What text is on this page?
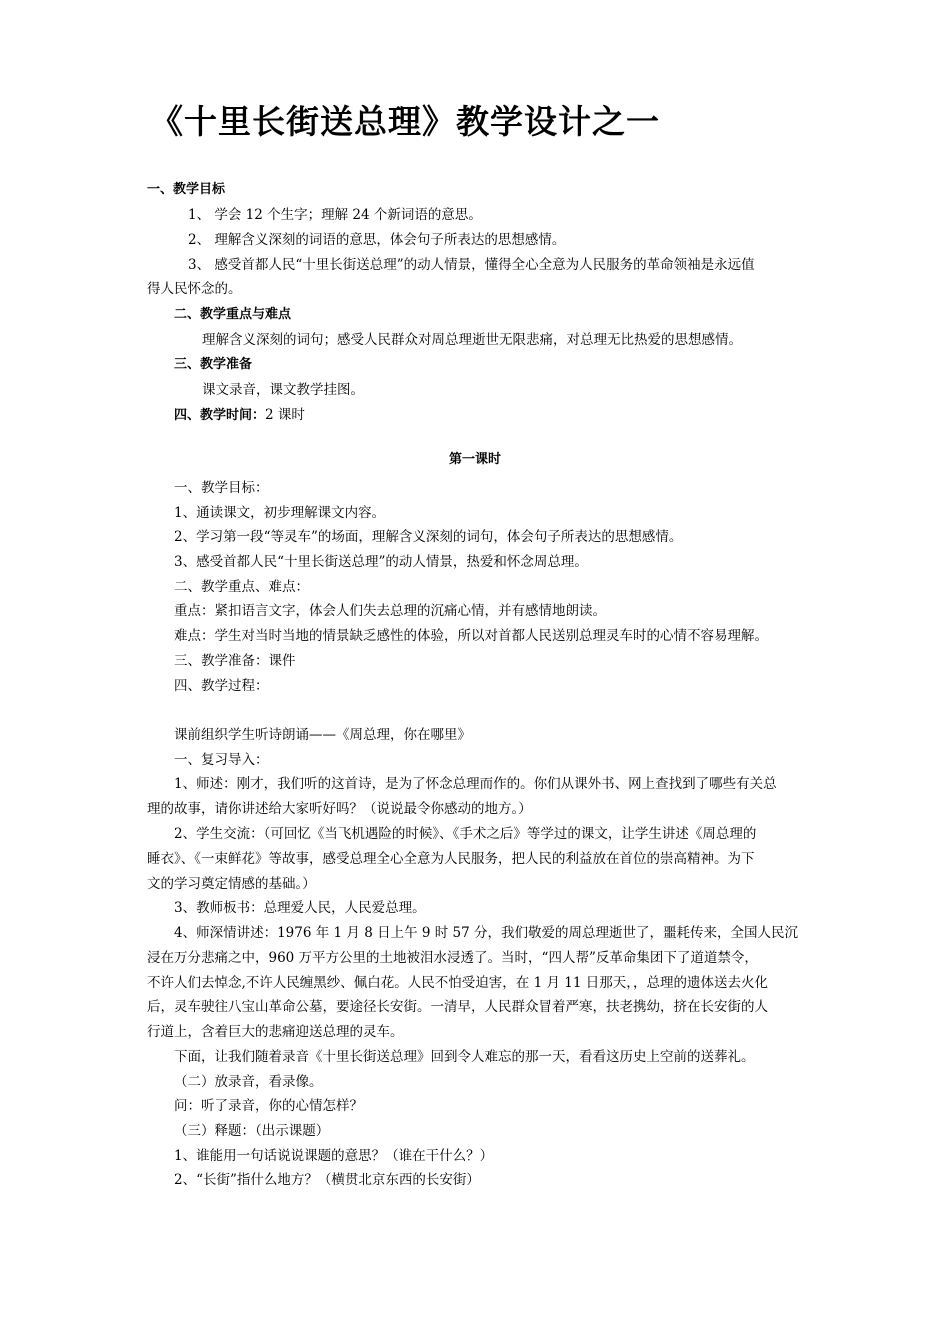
《十里长街送总理》教学设计之一
一、教学目标
1、 学会 12 个生字；理解 24 个新词语的意思。
2、 理解含义深刻的词语的意思，体会句子所表达的思想感情。
3、 感受首都人民“十里长街送总理”的动人情景，懂得全心全意为人民服务的革命领袖是永远值
得人民怀念的。
二、教学重点与难点
理解含义深刻的词句；感受人民群众对周总理逝世无限悲痛，对总理无比热爱的思想感情。
三、教学准备
课文录音，课文教学挂图。
四、教学时间：2 课时
第一课时
一、教学目标：
1、通读课文，初步理解课文内容。
2、学习第一段“等灵车”的场面，理解含义深刻的词句，体会句子所表达的思想感情。
3、感受首都人民“十里长街送总理”的动人情景，热爱和怀念周总理。
二、教学重点、难点：
重点：紧扣语言文字，体会人们失去总理的沉痛心情，并有感情地朗读。
难点：学生对当时当地的情景缺乏感性的体验，所以对首都人民送别总理灵车时的心情不容易理解。
三、教学准备：课件
四、教学过程：
课前组织学生听诗朗诵——《周总理，你在哪里》
一、复习导入：
1、师述：刚才，我们听的这首诗，是为了怀念总理而作的。你们从课外书、网上查找到了哪些有关总
理的故事，请你讲述给大家听好吗？（说说最令你感动的地方。）
2、学生交流：（可回忆《当飞机遇险的时候》、《手术之后》等学过的课文，让学生讲述《周总理的
睡衣》、《一束鲜花》等故事，感受总理全心全意为人民服务，把人民的利益放在首位的崇高精神。为下
文的学习奠定情感的基础。）
3、教师板书：总理爱人民，人民爱总理。
4、师深情讲述：1976 年 1 月 8 日上午 9 时 57 分，我们敬爱的周总理逝世了，噩耗传来，全国人民沉
浸在万分悲痛之中，960 万平方公里的土地被泪水浸透了。当时，“四人帮”反革命集团下了道道禁令，
不许人们去悼念,不许人民缠黑纱、佩白花。人民不怕受迫害，在 1 月 11 日那天，，总理的遗体送去火化
后，灵车驶往八宝山革命公墓，要途径长安街。一清早，人民群众冒着严寒，扶老携幼，挤在长安街的人
行道上，含着巨大的悲痛迎送总理的灵车。
下面，让我们随着录音《十里长街送总理》回到令人难忘的那一天，看看这历史上空前的送葬礼。
（二）放录音，看录像。
问：听了录音，你的心情怎样？
（三）释题：（出示课题）
1、谁能用一句话说说课题的意思？（谁在干什么？）
2、“长街”指什么地方？（横贯北京东西的长安街）
